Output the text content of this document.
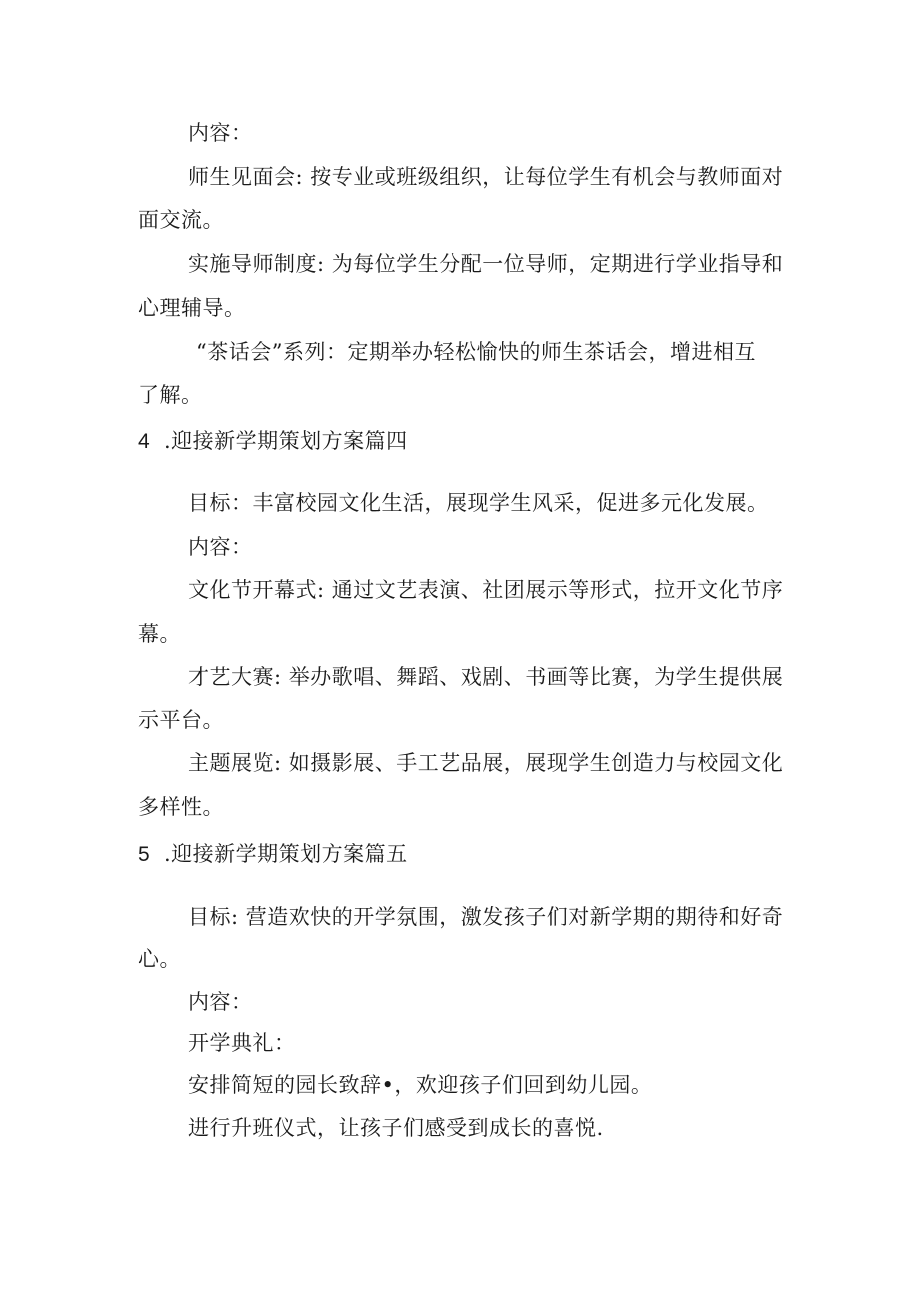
内容：
师生见面会: 按专业或班级组织，让每位学生有机会与教师面对
面交流。
实施导师制度: 为每位学生分配一位导师，定期进行学业指导和
心理辅导。
“茶话会”系列：定期举办轻松愉快的师生茶话会，增进相互
了解。
4 .迎接新学期策划方案篇四
目标：丰富校园文化生活，展现学生风采，促进多元化发展。
内容：
文化节开幕式: 通过文艺表演、社团展示等形式，拉开文化节序
幕。
才艺大赛: 举办歌唱、舞蹈、戏剧、书画等比赛，为学生提供展
示平台。
主题展览: 如摄影展、手工艺品展，展现学生创造力与校园文化
多样性。
5 .迎接新学期策划方案篇五
目标: 营造欢快的开学氛围，激发孩子们对新学期的期待和好奇
心。
内容：
开学典礼：
安排简短的园长致辞•，欢迎孩子们回到幼儿园。
进行升班仪式，让孩子们感受到成长的喜悦.
